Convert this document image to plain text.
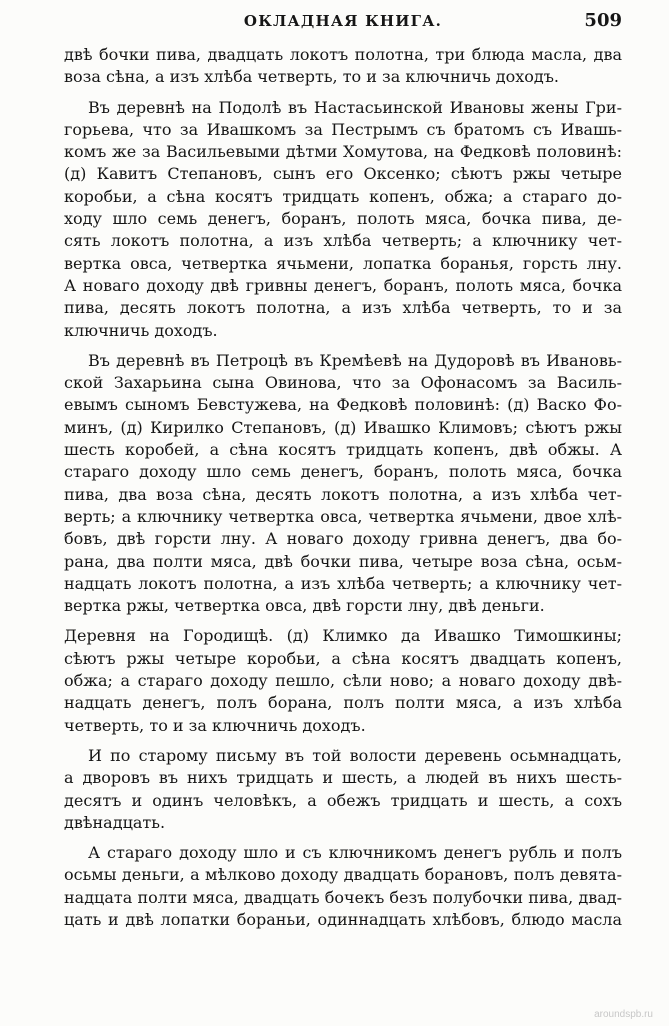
ОКЛАДНАЯ КНИГА.	509
двѣ бочки пива, двадцать локотъ полотна, три блюда масла, два
воза сѣна, а изъ хлѣба четверть, то и за ключничь доходъ.
Въ деревнѣ на Подолѣ въ Настасьинской Ивановы жены Гри-
горьева, что за Ивашкомъ за Пестрымъ съ братомъ съ Ивашь-
комъ же за Васильевыми дѣтми Хомутова, на Федковѣ половинѣ:
(д) Кавитъ Степановъ, сынъ его Оксенко; сѣютъ ржы четыре
коробьи, а сѣна косятъ тридцать копенъ, обжа; а стараго до-
ходу шло семь денегъ, боранъ, полоть мяса, бочка пива, де-
сять локотъ полотна, а изъ хлѣба четверть; а ключнику чет-
вертка овса, четвертка ячьмени, лопатка боранья, горсть лну.
А новаго доходу двѣ гривны денегъ, боранъ, полоть мяса, бочка
пива, десять локотъ полотна, а изъ хлѣба четверть, то и за
ключничь доходъ.
Въ деревнѣ въ Петроцѣ въ Кремѣевѣ на Дудоровѣ въ Ивановь-
ской Захарьина сына Овинова, что за Офонасомъ за Василь-
евымъ сыномъ Бевстужева, на Федковѣ половинѣ: (д) Васко Фо-
минъ, (д) Кирилко Степановъ, (д) Ивашко Климовъ; сѣютъ ржы
шесть коробей, а сѣна косятъ тридцать копенъ, двѣ обжы. А
стараго доходу шло семь денегъ, боранъ, полоть мяса, бочка
пива, два воза сѣна, десять локотъ полотна, а изъ хлѣба чет-
верть; а ключнику четвертка овса, четвертка ячьмени, двое хлѣ-
бовъ, двѣ горсти лну. А новаго доходу гривна денегъ, два бо-
рана, два полти мяса, двѣ бочки пива, четыре воза сѣна, осьм-
надцать локотъ полотна, а изъ хлѣба четверть; а ключнику чет-
вертка ржы, четвертка овса, двѣ горсти лну, двѣ деньги.
Деревня на Городищѣ. (д) Климко да Ивашко Тимошкины;
сѣютъ ржы четыре коробьи, а сѣна косятъ двадцать копенъ,
обжа; а стараго доходу пешло, сѣли ново; а новаго доходу двѣ-
надцать денегъ, полъ борана, полъ полти мяса, а изъ хлѣба
четверть, то и за ключничь доходъ.
И по старому письму въ той волости деревень осьмнадцать,
а дворовъ въ нихъ тридцать и шесть, а людей въ нихъ шесть-
десятъ и одинъ человѣкъ, а обежъ тридцать и шесть, а сохъ
двѣнадцать.
А стараго доходу шло и съ ключникомъ денегъ рубль и полъ
осьмы деньги, а мѣлково доходу двадцать борановъ, полъ девята-
надцата полти мяса, двадцать бочекъ безъ полубочки пива, двад-
цать и двѣ лопатки бораньи, одиннадцать хлѣбовъ, блюдо масла
aroundspb.ru
